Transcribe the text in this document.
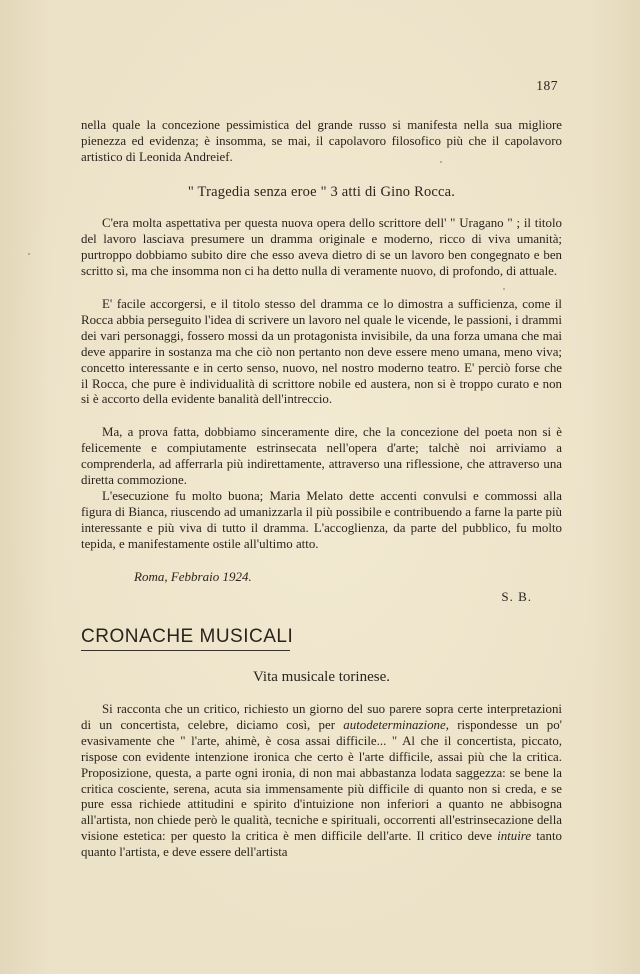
187

nella quale la concezione pessimistica del grande russo si manifesta nella sua migliore pienezza ed evidenza; è insomma, se mai, il capolavoro filosofico più che il capolavoro artistico di Leonida Andreief.

" Tragedia senza eroe " 3 atti di Gino Rocca.

C'era molta aspettativa per questa nuova opera dello scrittore dell' " Uragano " ; il titolo del lavoro lasciava presumere un dramma originale e moderno, ricco di viva umanità; purtroppo dobbiamo subito dire che esso aveva dietro di se un lavoro ben congegnato e ben scritto sì, ma che insomma non ci ha detto nulla di veramente nuovo, di profondo, di attuale.

E' facile accorgersi, e il titolo stesso del dramma ce lo dimostra a sufficienza, come il Rocca abbia perseguito l'idea di scrivere un lavoro nel quale le vicende, le passioni, i drammi dei vari personaggi, fossero mossi da un protagonista invisibile, da una forza umana che mai deve apparire in sostanza ma che ciò non pertanto non deve essere meno umana, meno viva; concetto interessante e in certo senso, nuovo, nel nostro moderno teatro. E' perciò forse che il Rocca, che pure è individualità di scrittore nobile ed austera, non si è troppo curato e non si è accorto della evidente banalità dell'intreccio.

Ma, a prova fatta, dobbiamo sinceramente dire, che la concezione del poeta non si è felicemente e compiutamente estrinsecata nell'opera d'arte; talchè noi arriviamo a comprenderla, ad afferrarla più indirettamente, attraverso una riflessione, che attraverso una diretta commozione.

L'esecuzione fu molto buona; Maria Melato dette accenti convulsi e commossi alla figura di Bianca, riuscendo ad umanizzarla il più possibile e contribuendo a farne la parte più interessante e più viva di tutto il dramma. L'accoglienza, da parte del pubblico, fu molto tepida, e manifestamente ostile all'ultimo atto.

Roma, Febbraio 1924.
S. B.
CRONACHE MUSICALI
Vita musicale torinese.

Si racconta che un critico, richiesto un giorno del suo parere sopra certe interpretazioni di un concertista, celebre, diciamo così, per autodeterminazione, rispondesse un po' evasivamente che " l'arte, ahimè, è cosa assai difficile... " Al che il concertista, piccato, rispose con evidente intenzione ironica che certo è l'arte difficile, assai più che la critica. Proposizione, questa, a parte ogni ironia, di non mai abbastanza lodata saggezza: se bene la critica cosciente, serena, acuta sia immensamente più difficile di quanto non si creda, e se pure essa richiede attitudini e spirito d'intuizione non inferiori a quanto ne abbisogna all'artista, non chiede però le qualità, tecniche e spirituali, occorrenti all'estrinsecazione della visione estetica: per questo la critica è men difficile dell'arte. Il critico deve intuire tanto quanto l'artista, e deve essere dell'artista
